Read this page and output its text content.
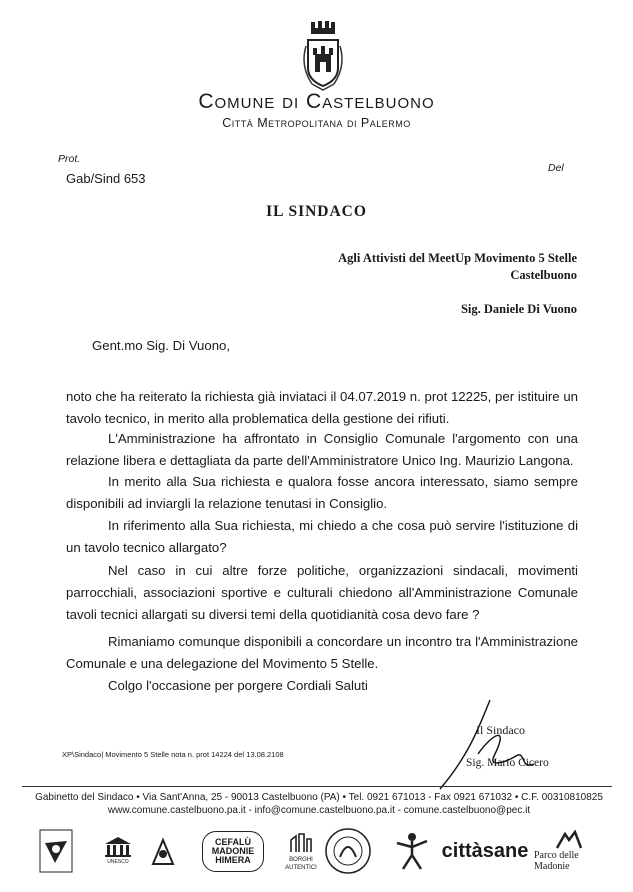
Comune di Castelbuono
Città Metropolitana di Palermo
Prot.
Del
Gab/Sind 653
IL SINDACO
Agli Attivisti del MeetUp Movimento 5 Stelle
Castelbuono
Sig. Daniele Di Vuono
Gent.mo Sig. Di Vuono,
noto che ha reiterato la richiesta già inviataci il 04.07.2019 n. prot 12225, per istituire un tavolo tecnico, in merito alla problematica della gestione dei rifiuti.
L'Amministrazione ha affrontato in Consiglio Comunale l'argomento con una relazione libera e dettagliata da parte dell'Amministratore Unico Ing. Maurizio Langona.
In merito alla Sua richiesta e qualora fosse ancora interessato, siamo sempre disponibili ad inviargli la relazione tenutasi in Consiglio.
In riferimento alla Sua richiesta, mi chiedo a che cosa può servire l'istituzione di un tavolo tecnico allargato?
Nel caso in cui altre forze politiche, organizzazioni sindacali, movimenti parrocchiali, associazioni sportive e culturali chiedono all'Amministrazione Comunale tavoli tecnici allargati su diversi temi della quotidianità cosa devo fare ?
Rimaniamo comunque disponibili a concordare un incontro tra l'Amministrazione Comunale e una delegazione del Movimento 5 Stelle.
Colgo l'occasione per porgere Cordiali Saluti
Il Sindaco
Sig. Mario Cicero
XP\Sindaco| Movimento 5 Stelle nota n. prot 14224 del 13.08.2108
Gabinetto del Sindaco • Via Sant'Anna, 25 - 90013 Castelbuono (PA) • Tel. 0921 671013 - Fax 0921 671032 • C.F. 00310810825
www.comune.castelbuono.pa.it - info@comune.castelbuono.pa.it - comune.castelbuono@pec.it
UNESCO
CEFALÙ MADONIE HIMERA	BORGHI AUTENTICI
cittàsane Parco delle Madonie
